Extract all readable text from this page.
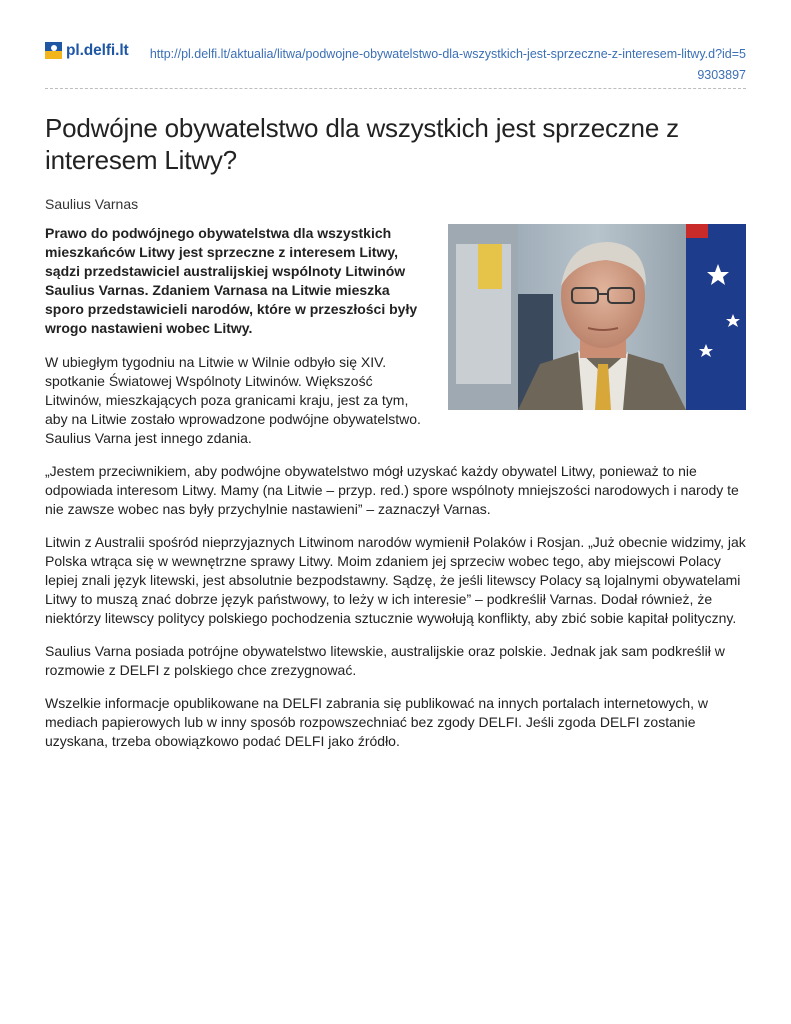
pl.delfi.lt	http://pl.delfi.lt/aktualia/litwa/podwojne-obywatelstwo-dla-wszystkich-jest-sprzeczne-z-interesem-litwy.d?id=59303897
Podwójne obywatelstwo dla wszystkich jest sprzeczne z interesem Litwy?

Saulius Varnas

Prawo do podwójnego obywatelstwa dla wszystkich mieszkańców Litwy jest sprzeczne z interesem Litwy, sądzi przedstawiciel australijskiej wspólnoty Litwinów Saulius Varnas. Zdaniem Varnasa na Litwie mieszka sporo przedstawicieli narodów, które w przeszłości były wrogo nastawieni wobec Litwy.

W ubiegłym tygodniu na Litwie w Wilnie odbyło się XIV. spotkanie Światowej Wspólnoty Litwinów. Większość Litwinów, mieszkających poza granicami kraju, jest za tym, aby na Litwie zostało wprowadzone podwójne obywatelstwo. Saulius Varna jest innego zdania.

„Jestem przeciwnikiem, aby podwójne obywatelstwo mógł uzyskać każdy obywatel Litwy, ponieważ to nie odpowiada interesom Litwy. Mamy (na Litwie – przyp. red.) spore wspólnoty mniejszości narodowych i narody te nie zawsze wobec nas były przychylnie nastawieni” – zaznaczył Varnas.

Litwin z Australii spośród nieprzyjaznych Litwinom narodów wymienił Polaków i Rosjan. „Już obecnie widzimy, jak Polska wtrąca się w wewnętrzne sprawy Litwy. Moim zdaniem jej sprzeciw wobec tego, aby miejscowi Polacy lepiej znali język litewski, jest absolutnie bezpodstawny. Sądzę, że jeśli litewscy Polacy są lojalnymi obywatelami Litwy to muszą znać dobrze język państwowy, to leży w ich interesie” – podkreślił Varnas. Dodał również, że niektórzy litewscy politycy polskiego pochodzenia sztucznie wywołują konflikty, aby zbić sobie kapitał polityczny.

Saulius Varna posiada potrójne obywatelstwo litewskie, australijskie oraz polskie. Jednak jak sam podkreślił w rozmowie z DELFI z polskiego chce zrezygnować.

Wszelkie informacje opublikowane na DELFI zabrania się publikować na innych portalach internetowych, w mediach papierowych lub w inny sposób rozpowszechniać bez zgody DELFI. Jeśli zgoda DELFI zostanie uzyskana, trzeba obowiązkowo podać DELFI jako źródło.
